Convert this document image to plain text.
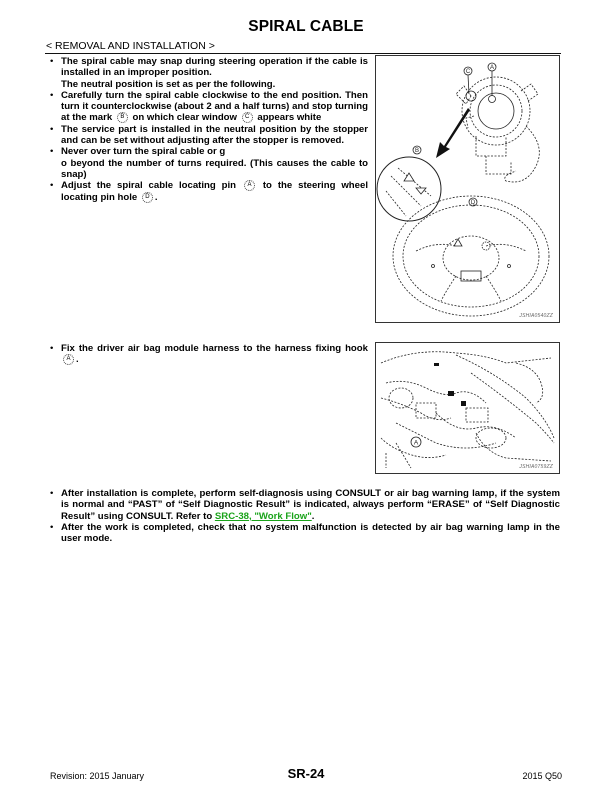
SPIRAL CABLE
< REMOVAL AND INSTALLATION >
• The spiral cable may snap during steering operation if the cable is installed in an improper position.
The neutral position is set as per the following.
• Carefully turn the spiral cable clockwise to the end position. Then turn it counterclockwise (about 2 and a half turns) and stop turning at the mark B on which clear window C appears white
• The service part is installed in the neutral position by the stopper and can be set without adjusting after the stopper is removed.
• Never over turn the spiral cable or g
o beyond the number of turns required. (This causes the cable to snap)
• Adjust the spiral cable locating pin A to the steering wheel locating pin hole D .
C
A
B
D
JSHIA0540ZZ
• Fix the driver air bag module harness to the harness fixing hook A .
A
JSHIA0759ZZ
• After installation is complete, perform self-diagnosis using CONSULT or air bag warning lamp, if the system is normal and “PAST” of “Self Diagnostic Result” is indicated, always perform “ERASE” of “Self Diagnostic Result” using CONSULT. Refer to SRC-38, "Work Flow".
• After the work is completed, check that no system malfunction is detected by air bag warning lamp in the user mode.
Revision: 2015 January	SR-24	2015 Q50
